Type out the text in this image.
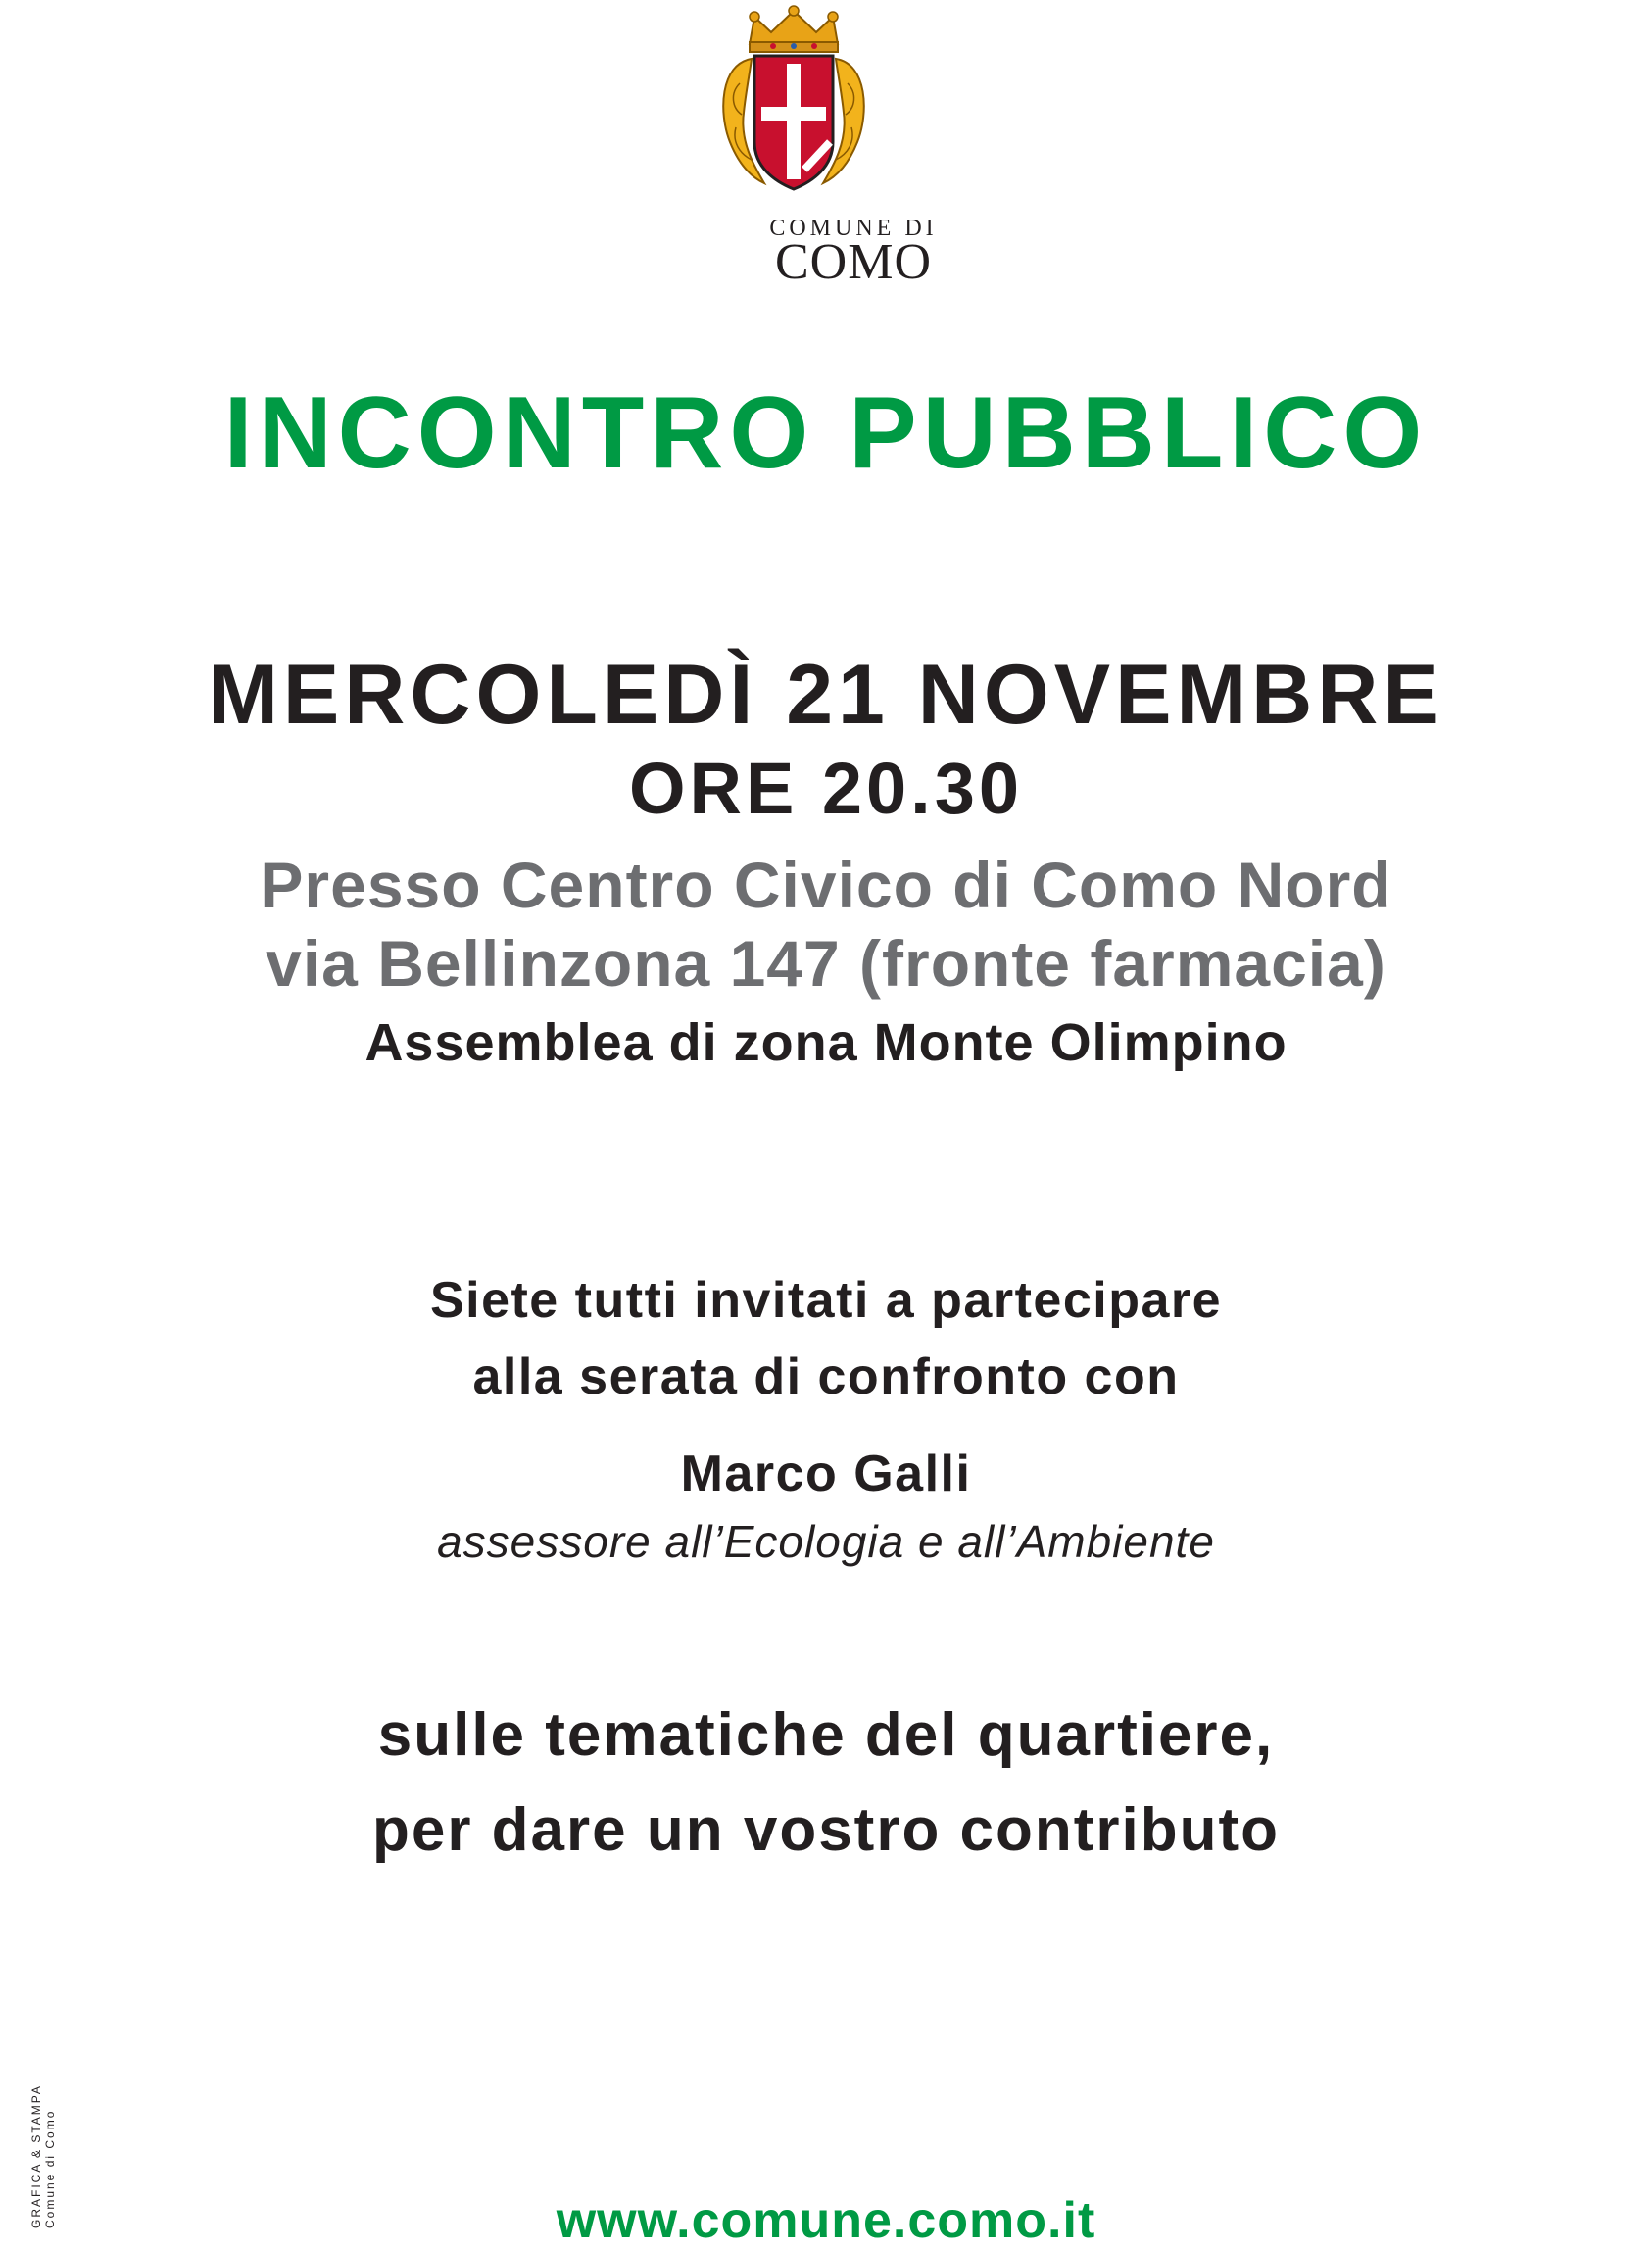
COMUNE DI
COMO
INCONTRO PUBBLICO
MERCOLEDÌ 21 NOVEMBRE
ORE 20.30
Presso Centro Civico di Como Nord
via Bellinzona 147 (fronte farmacia)
Assemblea di zona Monte Olimpino
Siete tutti invitati a partecipare
alla serata di confronto con
Marco Galli
assessore all’Ecologia e all’Ambiente
sulle tematiche del quartiere,
per dare un vostro contributo
GRAFICA & STAMPA Comune di Como	www.comune.como.it
